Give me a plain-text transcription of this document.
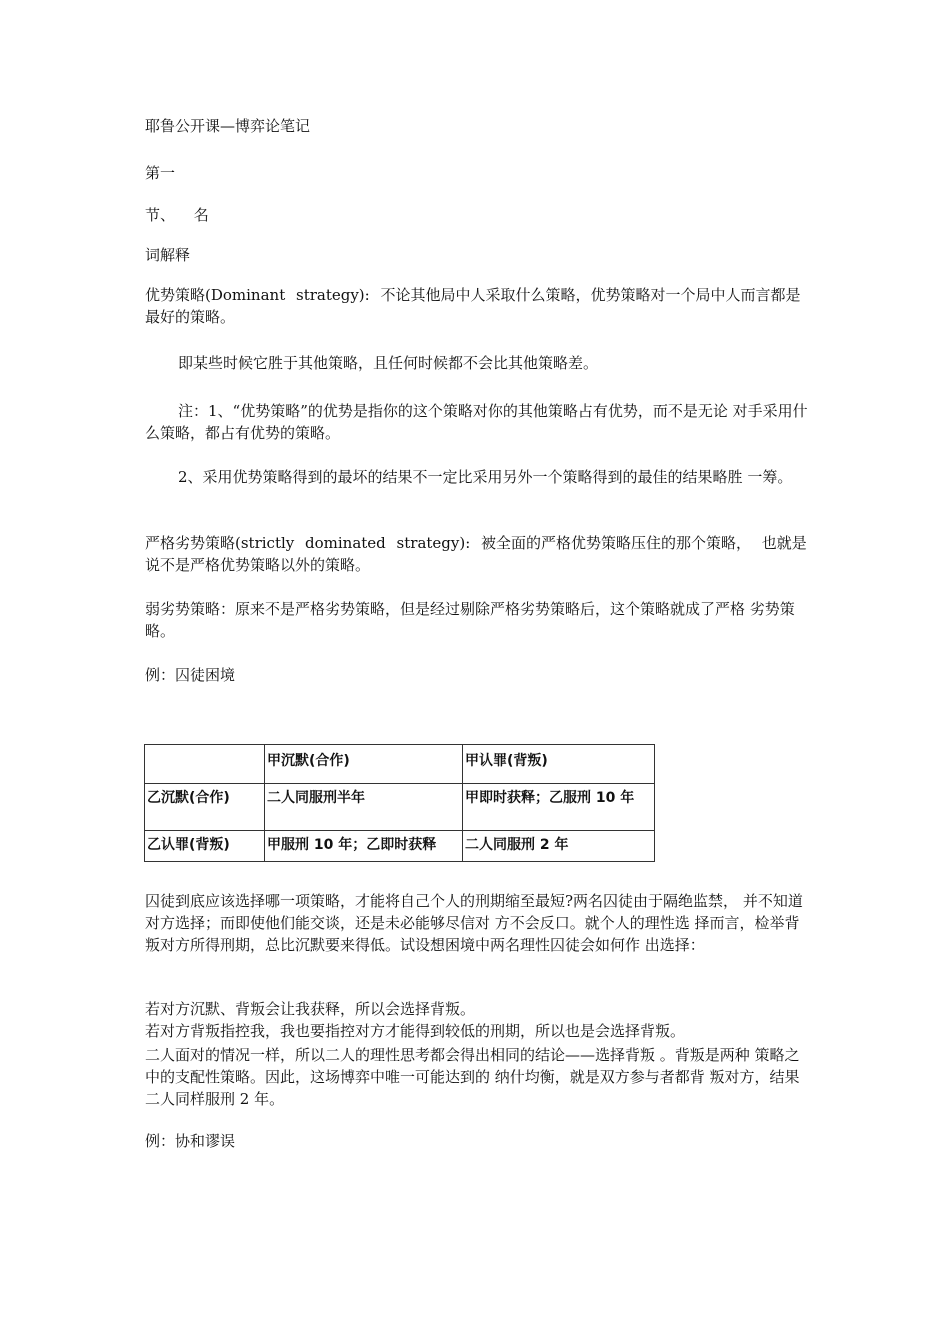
耶鲁公开课—博弈论笔记

第一

节、 名

词解释

优势策略(Dominant strategy): 不论其他局中人采取什么策略，优势策略对一个局中人而言都是最好的策略。

即某些时候它胜于其他策略，且任何时候都不会比其他策略差。

注：1、“优势策略”的优势是指你的这个策略对你的其他策略占有优势，而不是无论 对手采用什么策略，都占有优势的策略。

2、采用优势策略得到的最坏的结果不一定比采用另外一个策略得到的最佳的结果略胜 一筹。

严格劣势策略(strictly dominated strategy): 被全面的严格优势策略压住的那个策略， 也就是说不是严格优势策略以外的策略。

弱劣势策略：原来不是严格劣势策略，但是经过剔除严格劣势策略后，这个策略就成了严格 劣势策略。

例：囚徒困境

	甲沉默(合作)	甲认罪(背叛)
乙沉默(合作)	二人同服刑半年	甲即时获释；乙服刑 10 年
乙认罪(背叛)	甲服刑 10 年；乙即时获释	二人同服刑 2 年

囚徒到底应该选择哪一项策略，才能将自己个人的刑期缩至最短?两名囚徒由于隔绝监禁， 并不知道对方选择；而即使他们能交谈，还是未必能够尽信对 方不会反口。就个人的理性选 择而言，检举背叛对方所得刑期，总比沉默要来得低。试设想困境中两名理性囚徒会如何作 出选择：

若对方沉默、背叛会让我获释，所以会选择背叛。

若对方背叛指控我，我也要指控对方才能得到较低的刑期，所以也是会选择背叛。

二人面对的情况一样，所以二人的理性思考都会得出相同的结论——选择背叛 。背叛是两种 策略之中的支配性策略。因此，这场博弈中唯一可能达到的 纳什均衡，就是双方参与者都背 叛对方，结果二人同样服刑 2 年。

例：协和谬误
